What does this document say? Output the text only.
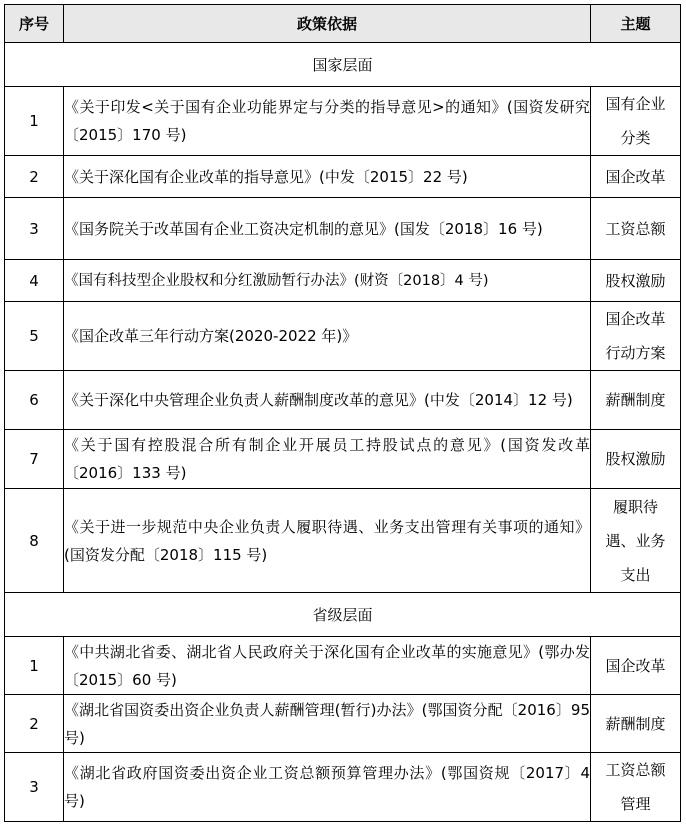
序号	政策依据	主题
国家层面		
1	《关于印发<关于国有企业功能界定与分类的指导意见>的通知》(国资发研究〔2015〕170 号)	国有企业分类
2	《关于深化国有企业改革的指导意见》(中发〔2015〕22 号)	国企改革
3	《国务院关于改革国有企业工资决定机制的意见》(国发〔2018〕16 号)	工资总额
4	《国有科技型企业股权和分红激励暂行办法》(财资〔2018〕4 号)	股权激励
5	《国企改革三年行动方案(2020-2022 年)》	国企改革行动方案
6	《关于深化中央管理企业负责人薪酬制度改革的意见》(中发〔2014〕12 号)	薪酬制度
7	《关于国有控股混合所有制企业开展员工持股试点的意见》(国资发改革〔2016〕133 号)	股权激励
8	《关于进一步规范中央企业负责人履职待遇、业务支出管理有关事项的通知》(国资发分配〔2018〕115 号)	履职待遇、业务支出
省级层面		
1	《中共湖北省委、湖北省人民政府关于深化国有企业改革的实施意见》(鄂办发〔2015〕60 号)	国企改革
2	《湖北省国资委出资企业负责人薪酬管理(暂行)办法》(鄂国资分配〔2016〕95 号)	薪酬制度
3	《湖北省政府国资委出资企业工资总额预算管理办法》(鄂国资规〔2017〕4 号)	工资总额管理
